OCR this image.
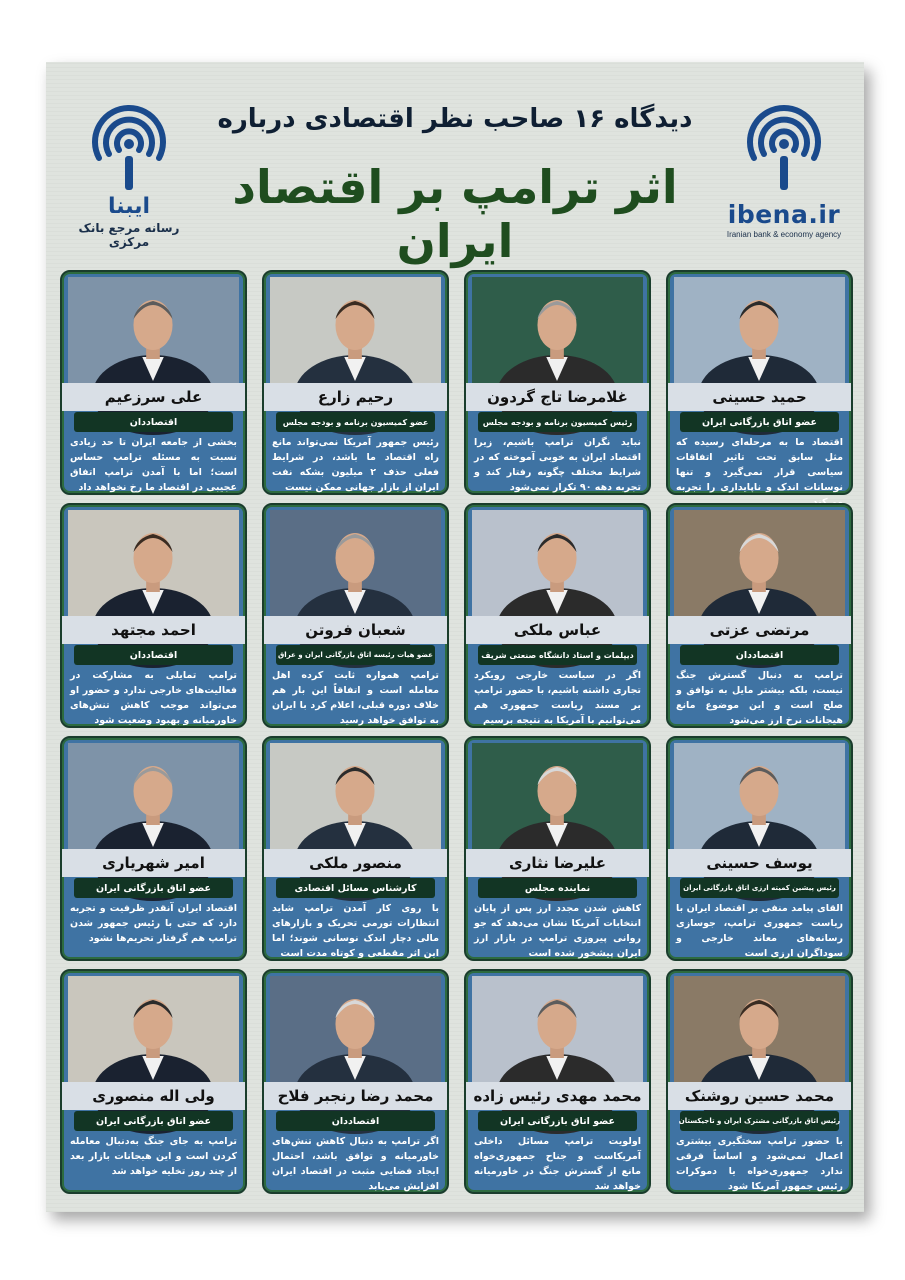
ایبنا
رسانه مرجع بانک مرکزی
دیدگاه ۱۶ صاحب نظر اقتصادی درباره
اثر ترامپ بر اقتصاد ایران	ibena.ir
Iranian bank & economy agency
حمید حسینی
عضو اتاق بازرگانی ایران
اقتصاد ما به مرحله‌ای رسیده که مثل سابق تحت تاثیر اتفاقات سیاسی قرار نمی‌گیرد و تنها نوسانات اندک و ناپایداری را تجربه
غلامرضا تاج گردون
رئیس کمیسیون برنامه و بودجه مجلس
نباید نگران ترامپ باشیم، زیرا اقتصاد ایران به خوبی آموخته که در شرایط مختلف چگونه رفتار کند و تجربه دهه ۹۰ تکرار نمی‌شود
رحیم زارع
عضو کمیسیون برنامه و بودجه مجلس
رئیس جمهور آمریکا نمی‌تواند مانع راه اقتصاد ما باشد، در شرایط فعلی حذف ۲ میلیون بشکه نفت ایران از بازار جهانی ممکن نیست
علی سرزعیم
اقتصاددان
بخشی از جامعه ایران تا حد زیادی نسبت به مسئله ترامپ حساس است؛ اما با آمدن ترامپ اتفاق عجیبی در اقتصاد ما رخ نخواهد داد
مرتضی عزتی
اقتصاددان
ترامپ به دنبال گسترش جنگ نیست، بلکه بیشتر مایل به توافق و صلح است و این موضوع مانع هیجانات نرخ ارز می‌شود
عباس ملکی
دیپلمات و استاد دانشگاه صنعتی شریف
اگر در سیاست خارجی رویکرد تجاری داشته باشیم، با حضور ترامپ بر مسند ریاست جمهوری هم می‌توانیم با آمریکا به نتیجه برسیم
شعبان فروتن
عضو هیات رئیسه اتاق بازرگانی ایران و عراق
ترامپ همواره ثابت کرده اهل معامله است و اتفاقاً این بار هم خلاف دوره قبلی، اعلام کرد با ایران به توافق خواهد رسید
احمد مجتهد
اقتصاددان
ترامپ تمایلی به مشارکت در فعالیت‌های خارجی ندارد و حضور او می‌تواند موجب کاهش تنش‌های خاورمیانه و بهبود وضعیت شود
یوسف حسینی
رئیس پیشین کمیته ارزی اتاق بازرگانی ایران
القای پیامد منفی بر اقتصاد ایران با ریاست جمهوری ترامپ، جوسازی رسانه‌های معاند خارجی و سوداگران ارزی است
علیرضا نثاری
نماینده مجلس
کاهش شدن مجدد ارز پس از پایان انتخابات آمریکا نشان می‌دهد که جو روانی پیروزی ترامپ در بازار ارز ایران پیشخور شده است
منصور ملکی
کارشناس مسائل اقتصادی
با روی کار آمدن ترامپ شاید انتظارات تورمی تحریک و بازارهای مالی دچار اندک نوسانی شوند؛ اما این اثر مقطعی و کوتاه مدت است
امیر شهریاری
عضو اتاق بازرگانی ایران
اقتصاد ایران آنقدر ظرفیت و تجربه دارد که حتی با رئیس جمهور شدن ترامپ هم گرفتار تحریم‌ها نشود
محمد حسین روشنک
رئیس اتاق بازرگانی مشترک ایران و تاجیکستان
با حضور ترامپ سختگیری بیشتری اعمال نمی‌شود و اساساً فرقی ندارد جمهوری‌خواه یا دموکرات رئیس جمهور آمریکا شود
محمد مهدی رئیس زاده
عضو اتاق بازرگانی ایران
اولویت ترامپ مسائل داخلی آمریکاست و جناح جمهوری‌خواه مانع از گسترش جنگ در خاورمیانه خواهد شد
محمد رضا رنجبر فلاح
اقتصاددان
اگر ترامپ به دنبال کاهش تنش‌های خاورمیانه و توافق باشد، احتمال ایجاد فضایی مثبت در اقتصاد ایران افزایش می‌یابد
ولی اله منصوری
عضو اتاق بازرگانی ایران
ترامپ به جای جنگ به‌دنبال معامله کردن است و این هیجانات بازار بعد از چند روز تخلیه خواهد شد
